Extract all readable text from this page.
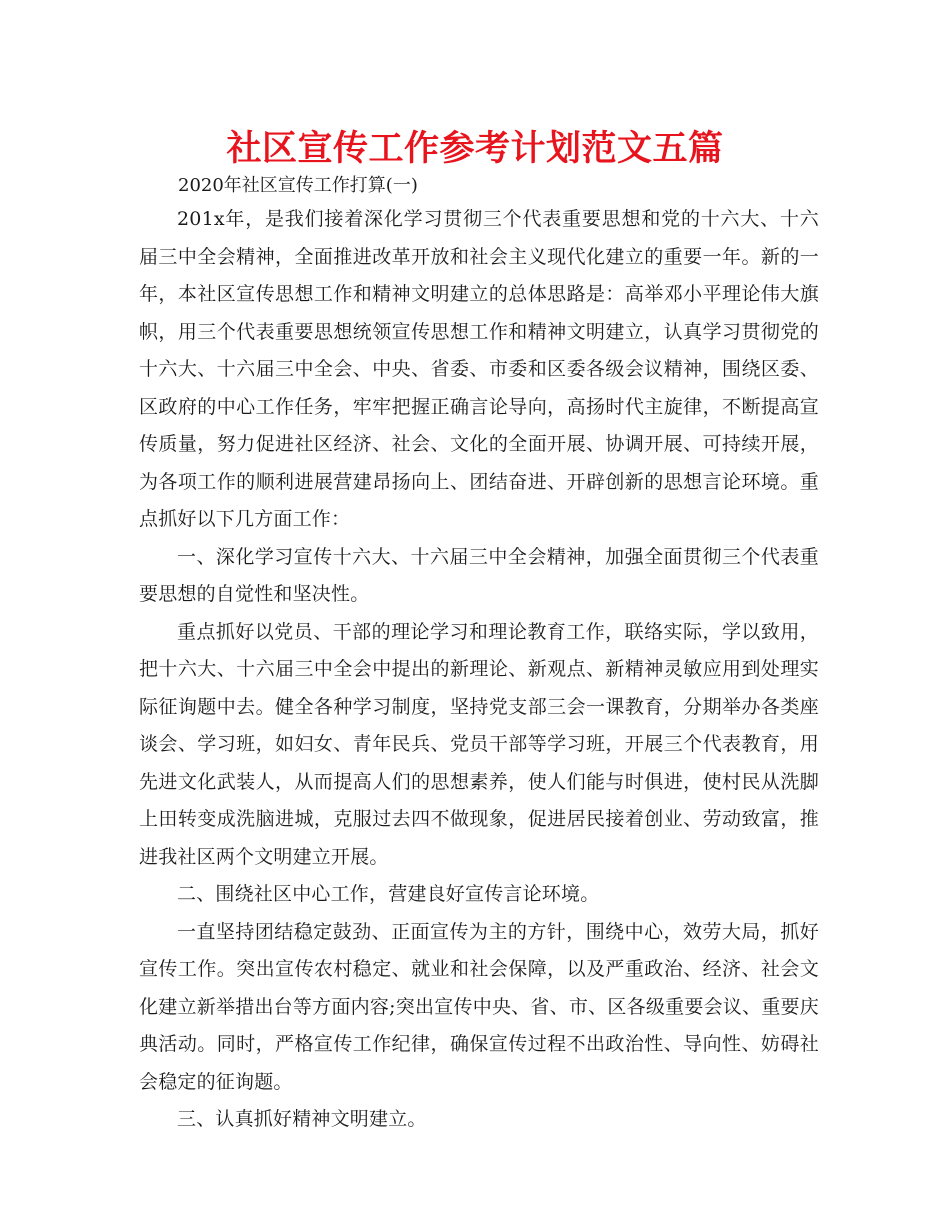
社区宣传工作参考计划范文五篇
2020年社区宣传工作打算(一)

201x年，是我们接着深化学习贯彻三个代表重要思想和党的十六大、十六届三中全会精神，全面推进改革开放和社会主义现代化建立的重要一年。新的一年，本社区宣传思想工作和精神文明建立的总体思路是：高举邓小平理论伟大旗帜，用三个代表重要思想统领宣传思想工作和精神文明建立，认真学习贯彻党的十六大、十六届三中全会、中央、省委、市委和区委各级会议精神，围绕区委、区政府的中心工作任务，牢牢把握正确言论导向，高扬时代主旋律，不断提高宣传质量，努力促进社区经济、社会、文化的全面开展、协调开展、可持续开展，为各项工作的顺利进展营建昂扬向上、团结奋进、开辟创新的思想言论环境。重点抓好以下几方面工作：

一、深化学习宣传十六大、十六届三中全会精神，加强全面贯彻三个代表重要思想的自觉性和坚决性。

重点抓好以党员、干部的理论学习和理论教育工作，联络实际，学以致用，把十六大、十六届三中全会中提出的新理论、新观点、新精神灵敏应用到处理实际征询题中去。健全各种学习制度，坚持党支部三会一课教育，分期举办各类座谈会、学习班，如妇女、青年民兵、党员干部等学习班，开展三个代表教育，用先进文化武装人，从而提高人们的思想素养，使人们能与时俱进，使村民从洗脚上田转变成洗脑进城，克服过去四不做现象，促进居民接着创业、劳动致富，推进我社区两个文明建立开展。

二、围绕社区中心工作，营建良好宣传言论环境。

一直坚持团结稳定鼓劲、正面宣传为主的方针，围绕中心，效劳大局，抓好宣传工作。突出宣传农村稳定、就业和社会保障，以及严重政治、经济、社会文化建立新举措出台等方面内容;突出宣传中央、省、市、区各级重要会议、重要庆典活动。同时，严格宣传工作纪律，确保宣传过程不出政治性、导向性、妨碍社会稳定的征询题。

三、认真抓好精神文明建立。
